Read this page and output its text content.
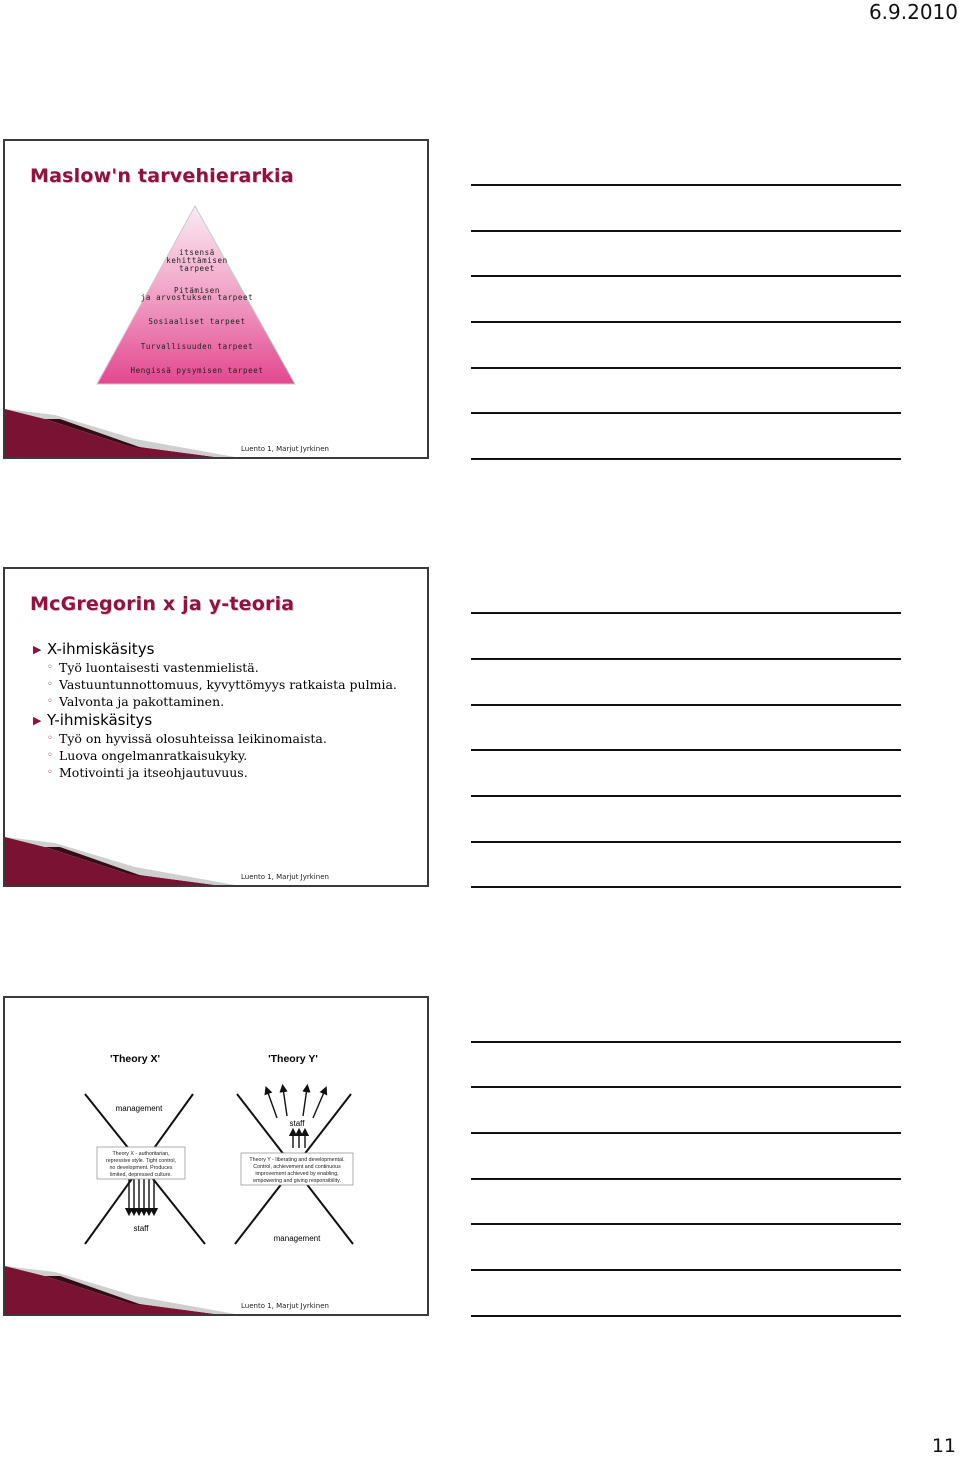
6.9.2010
Maslow'n tarvehierarkia
itsensä
kehittämisen
tarpeet
Pitämisen
ja arvostuksen tarpeet
Sosiaaliset tarpeet
Turvallisuuden tarpeet
Hengissä pysymisen tarpeet
Luento 1, Marjut Jyrkinen
McGregorin x ja y-teoria
▶ X-ihmiskäsitys
◦ Työ luontaisesti vastenmielistä.
◦ Vastuuntunnottomuus, kyvyttömyys ratkaista pulmia.
◦ Valvonta ja pakottaminen.
▶ Y-ihmiskäsitys
◦ Työ on hyvissä olosuhteissa leikinomaista.
◦ Luova ongelmanratkaisukyky.
◦ Motivointi ja itseohjautuvuus.
Luento 1, Marjut Jyrkinen
'Theory X'
management
Theory X - authoritarian,
repressive style. Tight control,
no development. Produces
limited, depressed culture.
staff
'Theory Y'
staff
Theory Y - liberating and developmental.
Control, achievement and continuous
improvement achieved by enabling,
empowering and giving responsibility.
management
Luento 1, Marjut Jyrkinen
11
